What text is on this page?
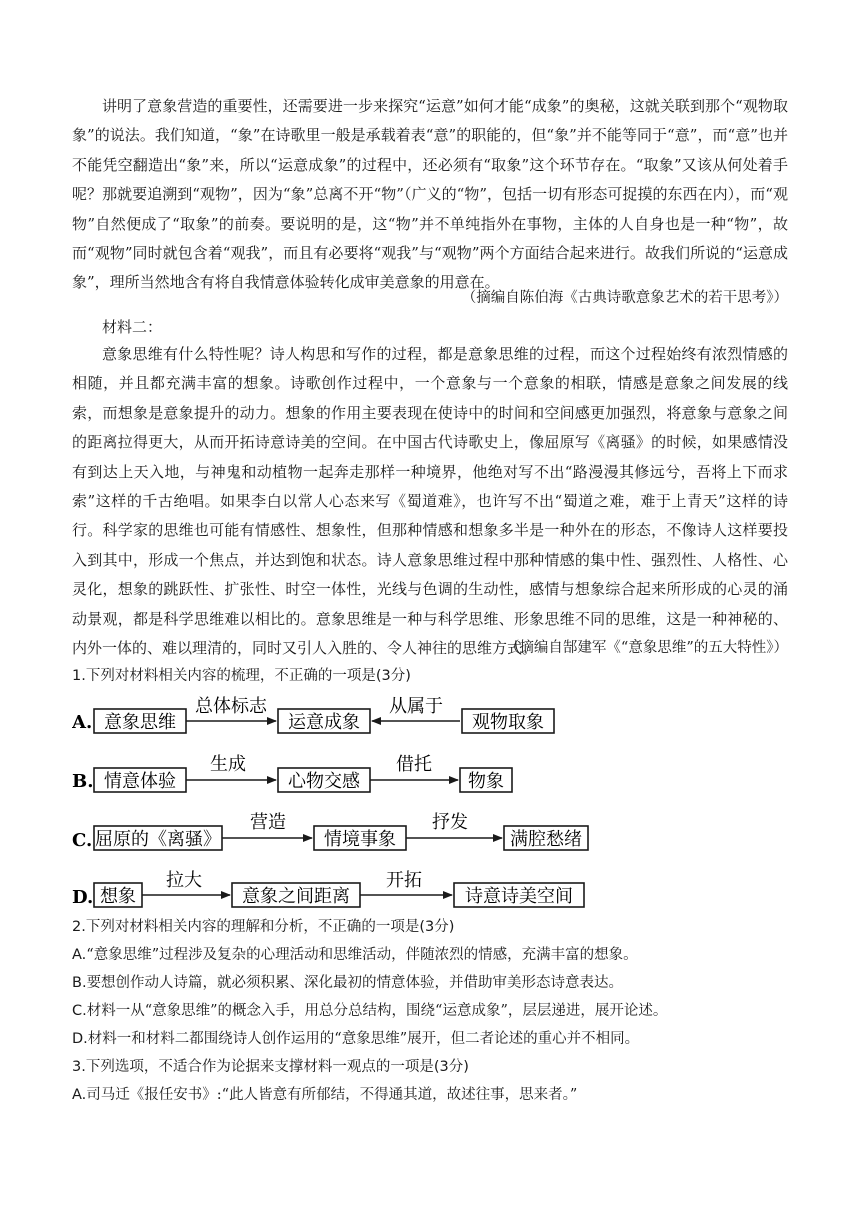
讲明了意象营造的重要性，还需要进一步来探究“运意”如何才能“成象”的奥秘，这就关联到那个“观物取象”的说法。我们知道，“象”在诗歌里一般是承载着表“意”的职能的，但“象”并不能等同于“意”，而“意”也并不能凭空翻造出“象”来，所以“运意成象”的过程中，还必须有“取象”这个环节存在。“取象”又该从何处着手呢？那就要追溯到“观物”，因为“象”总离不开“物”（广义的“物”，包括一切有形态可捉摸的东西在内），而“观物”自然便成了“取象”的前奏。要说明的是，这“物”并不单纯指外在事物，主体的人自身也是一种“物”，故而“观物”同时就包含着“观我”，而且有必要将“观我”与“观物”两个方面结合起来进行。故我们所说的“运意成象”，理所当然地含有将自我情意体验转化成审美意象的用意在。

（摘编自陈伯海《古典诗歌意象艺术的若干思考》）
材料二：

意象思维有什么特性呢？诗人构思和写作的过程，都是意象思维的过程，而这个过程始终有浓烈情感的相随，并且都充满丰富的想象。诗歌创作过程中，一个意象与一个意象的相联，情感是意象之间发展的线索，而想象是意象提升的动力。想象的作用主要表现在使诗中的时间和空间感更加强烈，将意象与意象之间的距离拉得更大，从而开拓诗意诗美的空间。在中国古代诗歌史上，像屈原写《离骚》的时候，如果感情没有到达上天入地，与神鬼和动植物一起奔走那样一种境界，他绝对写不出“路漫漫其修远兮，吾将上下而求索”这样的千古绝唱。如果李白以常人心态来写《蜀道难》，也许写不出“蜀道之难，难于上青天”这样的诗行。科学家的思维也可能有情感性、想象性，但那种情感和想象多半是一种外在的形态，不像诗人这样要投入到其中，形成一个焦点，并达到饱和状态。诗人意象思维过程中那种情感的集中性、强烈性、人格性、心灵化，想象的跳跃性、扩张性、时空一体性，光线与色调的生动性，感情与想象综合起来所形成的心灵的涌动景观，都是科学思维难以相比的。意象思维是一种与科学思维、形象思维不同的思维，这是一种神秘的、内外一体的、难以理清的，同时又引人入胜的、令人神往的思维方式。

（摘编自郜建军《“意象思维”的五大特性》）
1.下列对材料相关内容的梳理，不正确的一项是(3分)
A. 意象思维
总体标志
运意成象
从属于
观物取象
B. 情意体验
生成
心物交感
借托
物象
C. 屈原的《离骚》
营造
情境事象
抒发
满腔愁绪
D. 想象
拉大
意象之间距离
开拓
诗意诗美空间
2.下列对材料相关内容的理解和分析，不正确的一项是(3分)
A.“意象思维”过程涉及复杂的心理活动和思维活动，伴随浓烈的情感，充满丰富的想象。
B.要想创作动人诗篇，就必须积累、深化最初的情意体验，并借助审美形态诗意表达。
C.材料一从“意象思维”的概念入手，用总分总结构，围绕“运意成象”，层层递进，展开论述。
D.材料一和材料二都围绕诗人创作运用的“意象思维”展开，但二者论述的重心并不相同。
3.下列选项，不适合作为论据来支撑材料一观点的一项是(3分)
A.司马迁《报任安书》:“此人皆意有所郁结，不得通其道，故述往事，思来者。”
